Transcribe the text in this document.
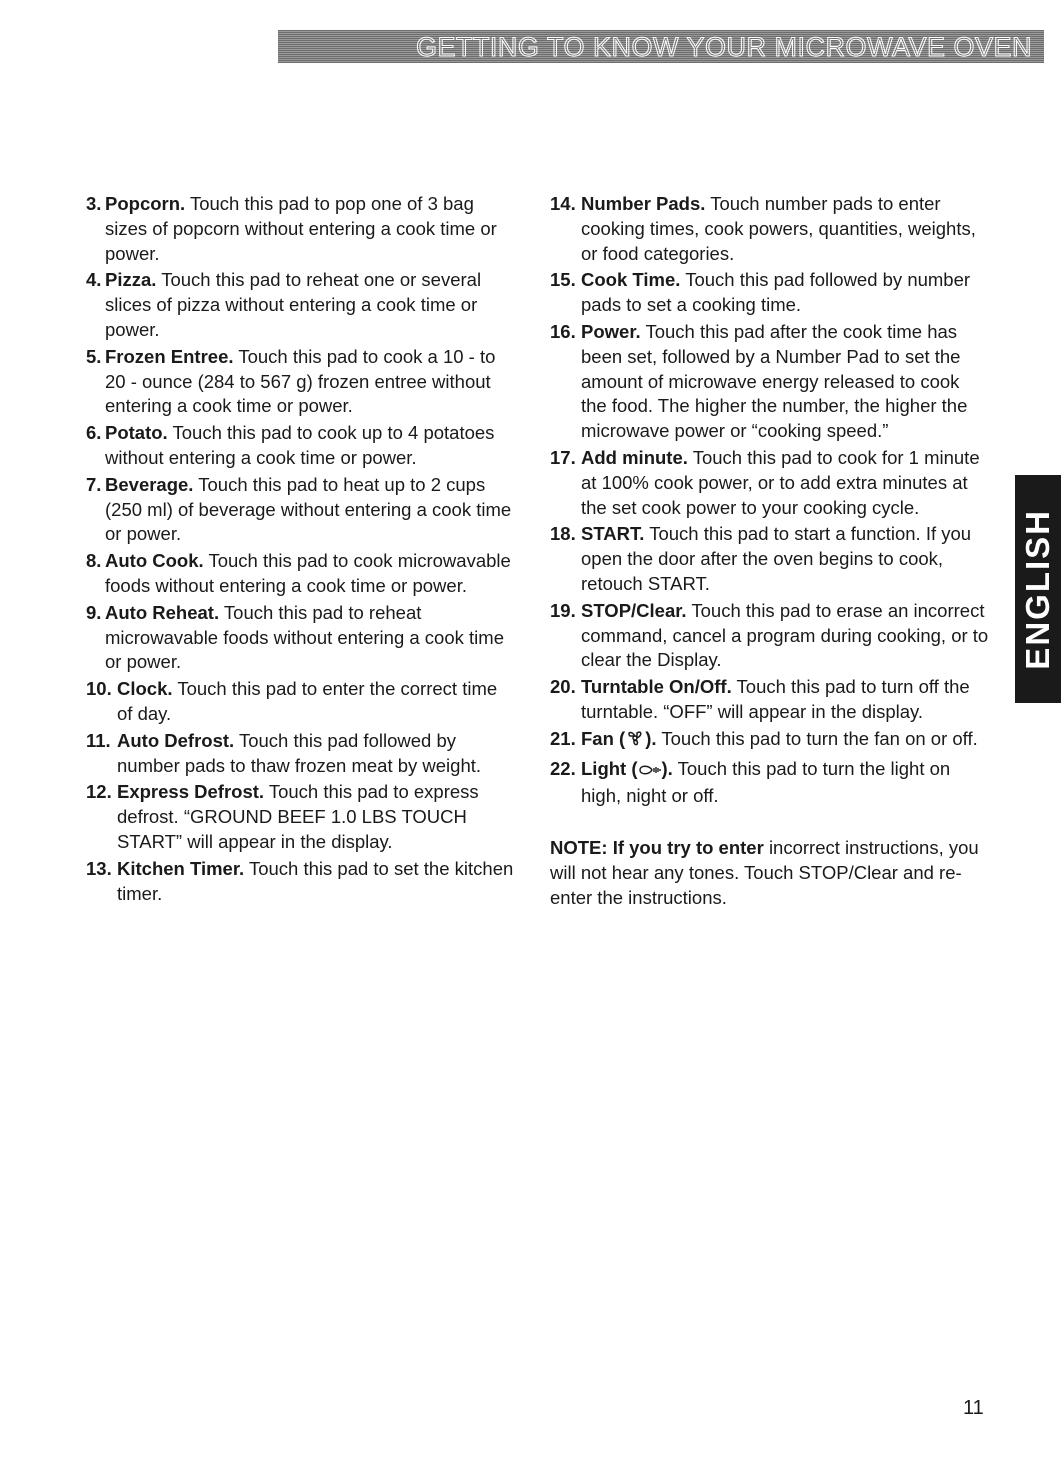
GETTING TO KNOW YOUR MICROWAVE OVEN
3. Popcorn. Touch this pad to pop one of 3 bag sizes of popcorn without entering a cook time or power.
4. Pizza. Touch this pad to reheat one or several slices of pizza without entering a cook time or power.
5. Frozen Entree. Touch this pad to cook a 10 - to 20 - ounce (284 to 567 g) frozen entree without entering a cook time or power.
6. Potato. Touch this pad to cook up to 4 potatoes without entering a cook time or power.
7. Beverage. Touch this pad to heat up to 2 cups (250 ml) of beverage without entering a cook time or power.
8. Auto Cook. Touch this pad to cook microwavable foods without entering a cook time or power.
9. Auto Reheat. Touch this pad to reheat microwavable foods without entering a cook time or power.
10. Clock. Touch this pad to enter the correct time of day.
11. Auto Defrost. Touch this pad followed by number pads to thaw frozen meat by weight.
12. Express Defrost. Touch this pad to express defrost. “GROUND BEEF 1.0 LBS TOUCH START” will appear in the display.
13. Kitchen Timer. Touch this pad to set the kitchen timer.
14. Number Pads. Touch number pads to enter cooking times, cook powers, quantities, weights, or food categories.
15. Cook Time. Touch this pad followed by number pads to set a cooking time.
16. Power. Touch this pad after the cook time has been set, followed by a Number Pad to set the amount of microwave energy released to cook the food. The higher the number, the higher the microwave power or “cooking speed.”
17. Add minute. Touch this pad to cook for 1 minute at 100% cook power, or to add extra minutes at the set cook power to your cooking cycle.
18. START. Touch this pad to start a function. If you open the door after the oven begins to cook, retouch START.
19. STOP/Clear. Touch this pad to erase an incorrect command, cancel a program during cooking, or to clear the Display.
20. Turntable On/Off. Touch this pad to turn off the turntable. “OFF” will appear in the display.
21. Fan ( ). Touch this pad to turn the fan on or off.
22. Light ( ). Touch this pad to turn the light on high, night or off.
NOTE: If you try to enter incorrect instructions, you will not hear any tones. Touch STOP/Clear and re-enter the instructions.
ENGLISH
11
